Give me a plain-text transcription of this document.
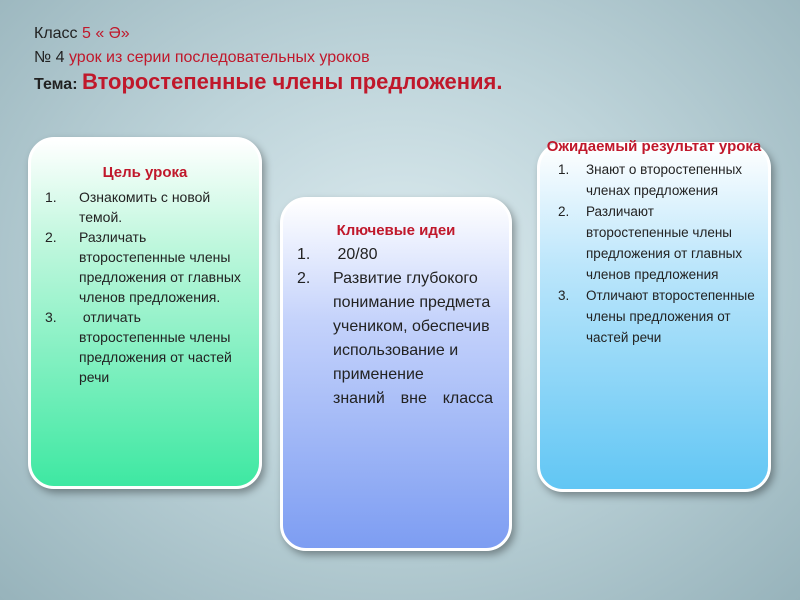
Класс 5 « Ә»
№ 4 урок из серии последовательных уроков
Тема: Второстепенные члены предложения.
Цель урока
1. Ознакомить с новой темой.
2. Различать второстепенные члены предложения от главных членов предложения.
3. отличать второстепенные члены предложения от частей речи
Ключевые идеи
1. 20/80
2. Развитие глубокого понимание предмета учеником, обеспечив использование и применение
знаний вне класса
Ожидаемый результат урока
1. Знают о второстепенных членах предложения
2. Различают второстепенные члены предложения от главных членов предложения
3. Отличают второстепенные члены предложения от частей речи
